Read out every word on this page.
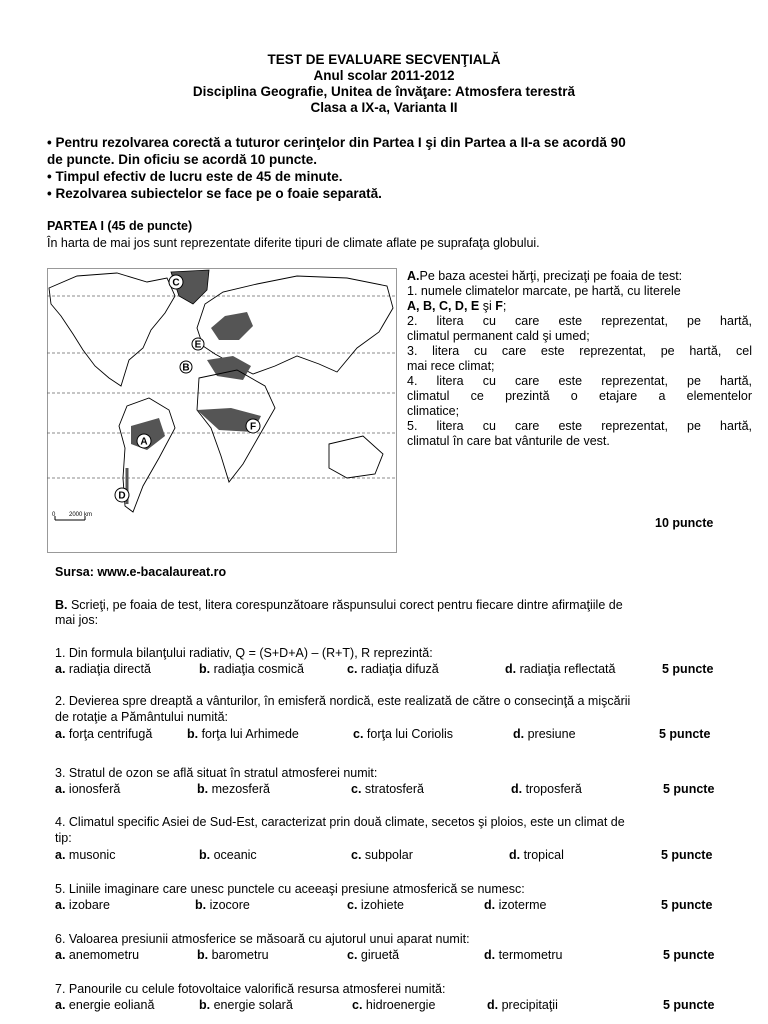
TEST DE EVALUARE SECVENŢIALĂ
Anul scolar 2011-2012
Disciplina Geografie, Unitea de învăţare: Atmosfera terestră
Clasa a IX-a, Varianta II
• Pentru rezolvarea corectă a tuturor cerinţelor din Partea I şi din Partea a II-a se acordă 90
de puncte. Din oficiu se acordă 10 puncte.
• Timpul efectiv de lucru este de 45 de minute.
• Rezolvarea subiectelor se face pe o foaie separată.
PARTEA I (45 de puncte)
În harta de mai jos sunt reprezentate diferite tipuri de climate aflate pe suprafaţa globului.
C
E
B
A
F
D
0 2000 km
A.Pe baza acestei hărţi, precizaţi pe foaia de test:
1. numele climatelor marcate, pe hartă, cu literele
A, B, C, D, E şi F;
2. litera cu care este reprezentat, pe hartă,
climatul permanent cald şi umed;
3. litera cu care este reprezentat, pe hartă, cel
mai rece climat;
4. litera cu care este reprezentat, pe hartă,
climatul ce prezintă o etajare a elementelor
climatice;
5. litera cu care este reprezentat, pe hartă,
climatul în care bat vânturile de vest.
10 puncte
Sursa: www.e-bacalaureat.ro
B. Scrieţi, pe foaia de test, litera corespunzătoare răspunsului corect pentru fiecare dintre afirmaţiile de
mai jos:
1. Din formula bilanţului radiativ, Q = (S+D+A) – (R+T), R reprezintă:
a. radiaţia directă	b. radiaţia cosmică	c. radiaţia difuză	d. radiaţia reflectată	5 puncte
2. Devierea spre dreaptă a vânturilor, în emisferă nordică, este realizată de către o consecinţă a mişcării
de rotaţie a Pământului numită:
a. forţa centrifugă	b. forţa lui Arhimede	c. forţa lui Coriolis	d. presiune	5 puncte
3. Stratul de ozon se află situat în stratul atmosferei numit:
a. ionosferă	b. mezosferă	c. stratosferă	d. troposferă	5 puncte
4. Climatul specific Asiei de Sud-Est, caracterizat prin două climate, secetos şi ploios, este un climat de
tip:
a. musonic	b. oceanic	c. subpolar	d. tropical	5 puncte
5. Liniile imaginare care unesc punctele cu aceeaşi presiune atmosferică se numesc:
a. izobare	b. izocore	c. izohiete	d. izoterme	5 puncte
6. Valoarea presiunii atmosferice se măsoară cu ajutorul unui aparat numit:
a. anemometru	b. barometru	c. giruetă	d. termometru	5 puncte
7. Panourile cu celule fotovoltaice valorifică resursa atmosferei numită:
a. energie eoliană	b. energie solară	c. hidroenergie	d. precipitaţii	5 puncte
